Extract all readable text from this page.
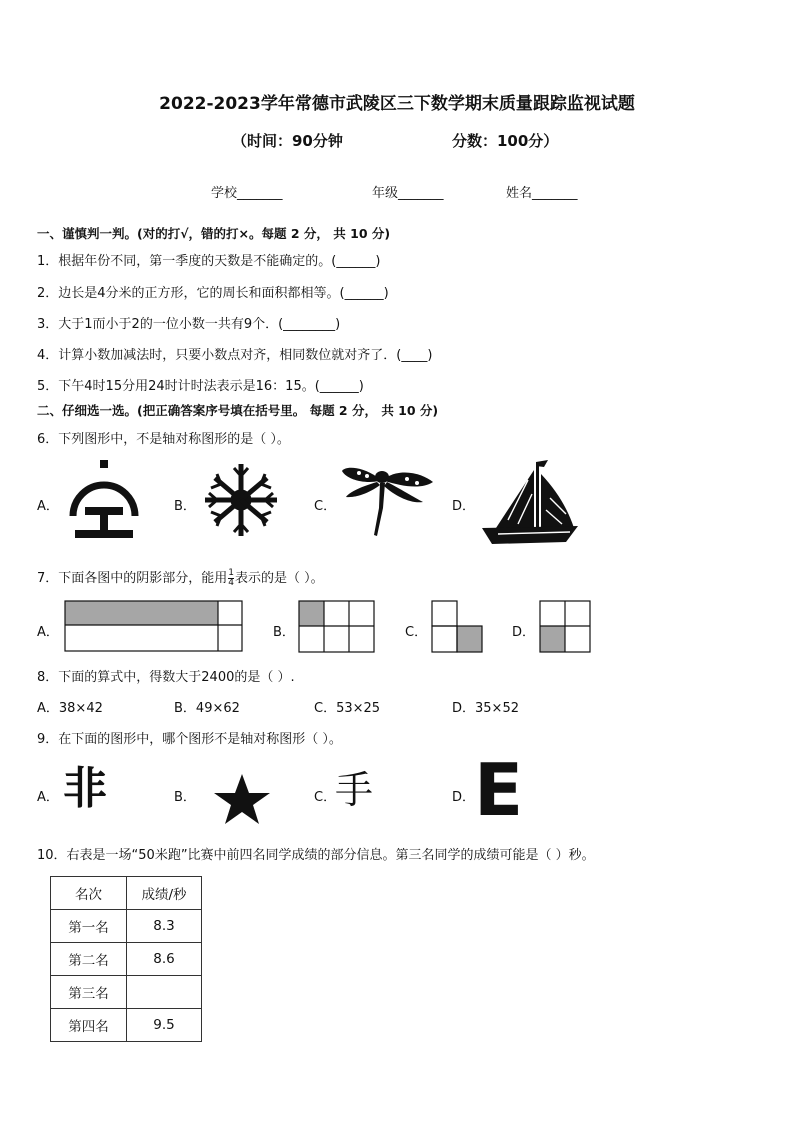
2022-2023学年常德市武陵区三下数学期末质量跟踪监视试题
（时间：90分钟	分数：100分）
学校_______	年级_______	姓名_______
一、谨慎判一判。(对的打√，错的打×。每题 2 分， 共 10 分)
1．根据年份不同，第一季度的天数是不能确定的。(______)
2．边长是4分米的正方形，它的周长和面积都相等。(______)
3．大于1而小于2的一位小数一共有9个．(________)
4．计算小数加减法时，只要小数点对齐，相同数位就对齐了．(____)
5．下午4时15分用24时计时法表示是16：15。(______)
二、仔细选一选。(把正确答案序号填在括号里。 每题 2 分， 共 10 分)
6．下列图形中，不是轴对称图形的是（ ）。
A．	B．	C．	D．
7．下面各图中的阴影部分，能用 $\frac{1}{4}$ 表示的是（ ）。
A．	B．	C．	D．
8．下面的算式中，得数大于2400的是（ ）.
A．38×42	B．49×62	C．53×25	D．35×52
9．在下面的图形中，哪个图形不是轴对称图形（ ）。
A．	B．	C．	D．
非	手 E
10．右表是一场“50米跑”比赛中前四名同学成绩的部分信息。第三名同学的成绩可能是（ ）秒。
名次	成绩/秒
第一名	8.3
第二名	8.6
第三名	
第四名	9.5
